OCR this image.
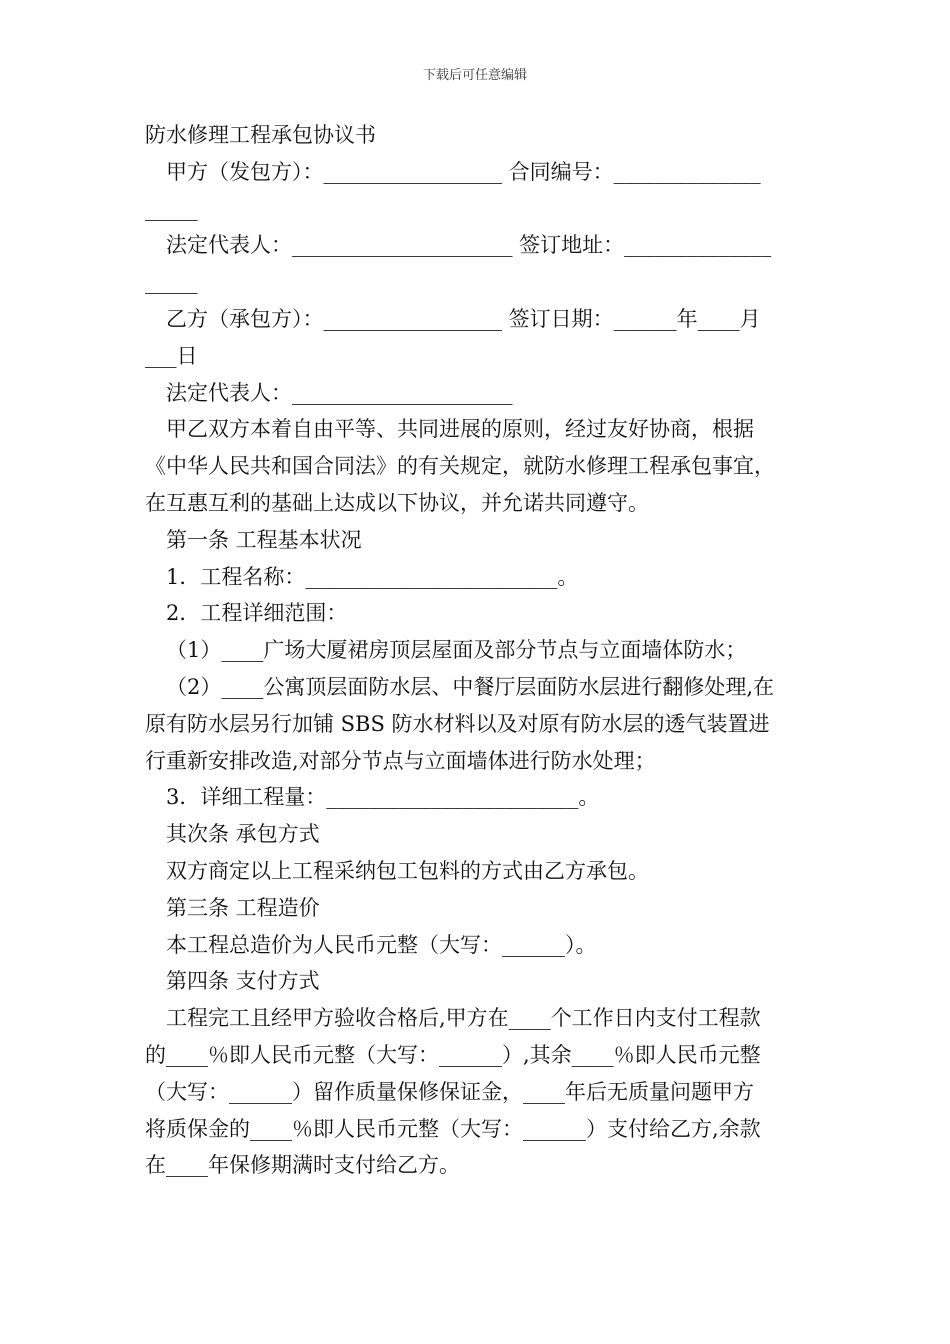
下载后可任意编辑
防水修理工程承包协议书
甲方（发包方）：_________________ 合同编号：______________
_____
法定代表人：_____________________ 签订地址：______________
_____
乙方（承包方）：_________________ 签订日期：______年____月
___日
法定代表人：_____________________
甲乙双方本着自由平等、共同进展的原则，经过友好协商，根据
《中华人民共和国合同法》的有关规定，就防水修理工程承包事宜，
在互惠互利的基础上达成以下协议，并允诺共同遵守。
第一条 工程基本状况
1．工程名称：________________________。
2．工程详细范围：
（1）____广场大厦裙房顶层屋面及部分节点与立面墙体防水；
（2）____公寓顶层面防水层、中餐厅层面防水层进行翻修处理,在
原有防水层另行加铺 SBS 防水材料以及对原有防水层的透气装置进
行重新安排改造,对部分节点与立面墙体进行防水处理；
3．详细工程量：________________________。
其次条 承包方式
双方商定以上工程采纳包工包料的方式由乙方承包。
第三条 工程造价
本工程总造价为人民币元整（大写：______）。
第四条 支付方式
工程完工且经甲方验收合格后,甲方在____个工作日内支付工程款
的____％即人民币元整（大写：______）,其余____％即人民币元整
（大写：______）留作质量保修保证金，____年后无质量问题甲方
将质保金的____％即人民币元整（大写：______）支付给乙方,余款
在____年保修期满时支付给乙方。
